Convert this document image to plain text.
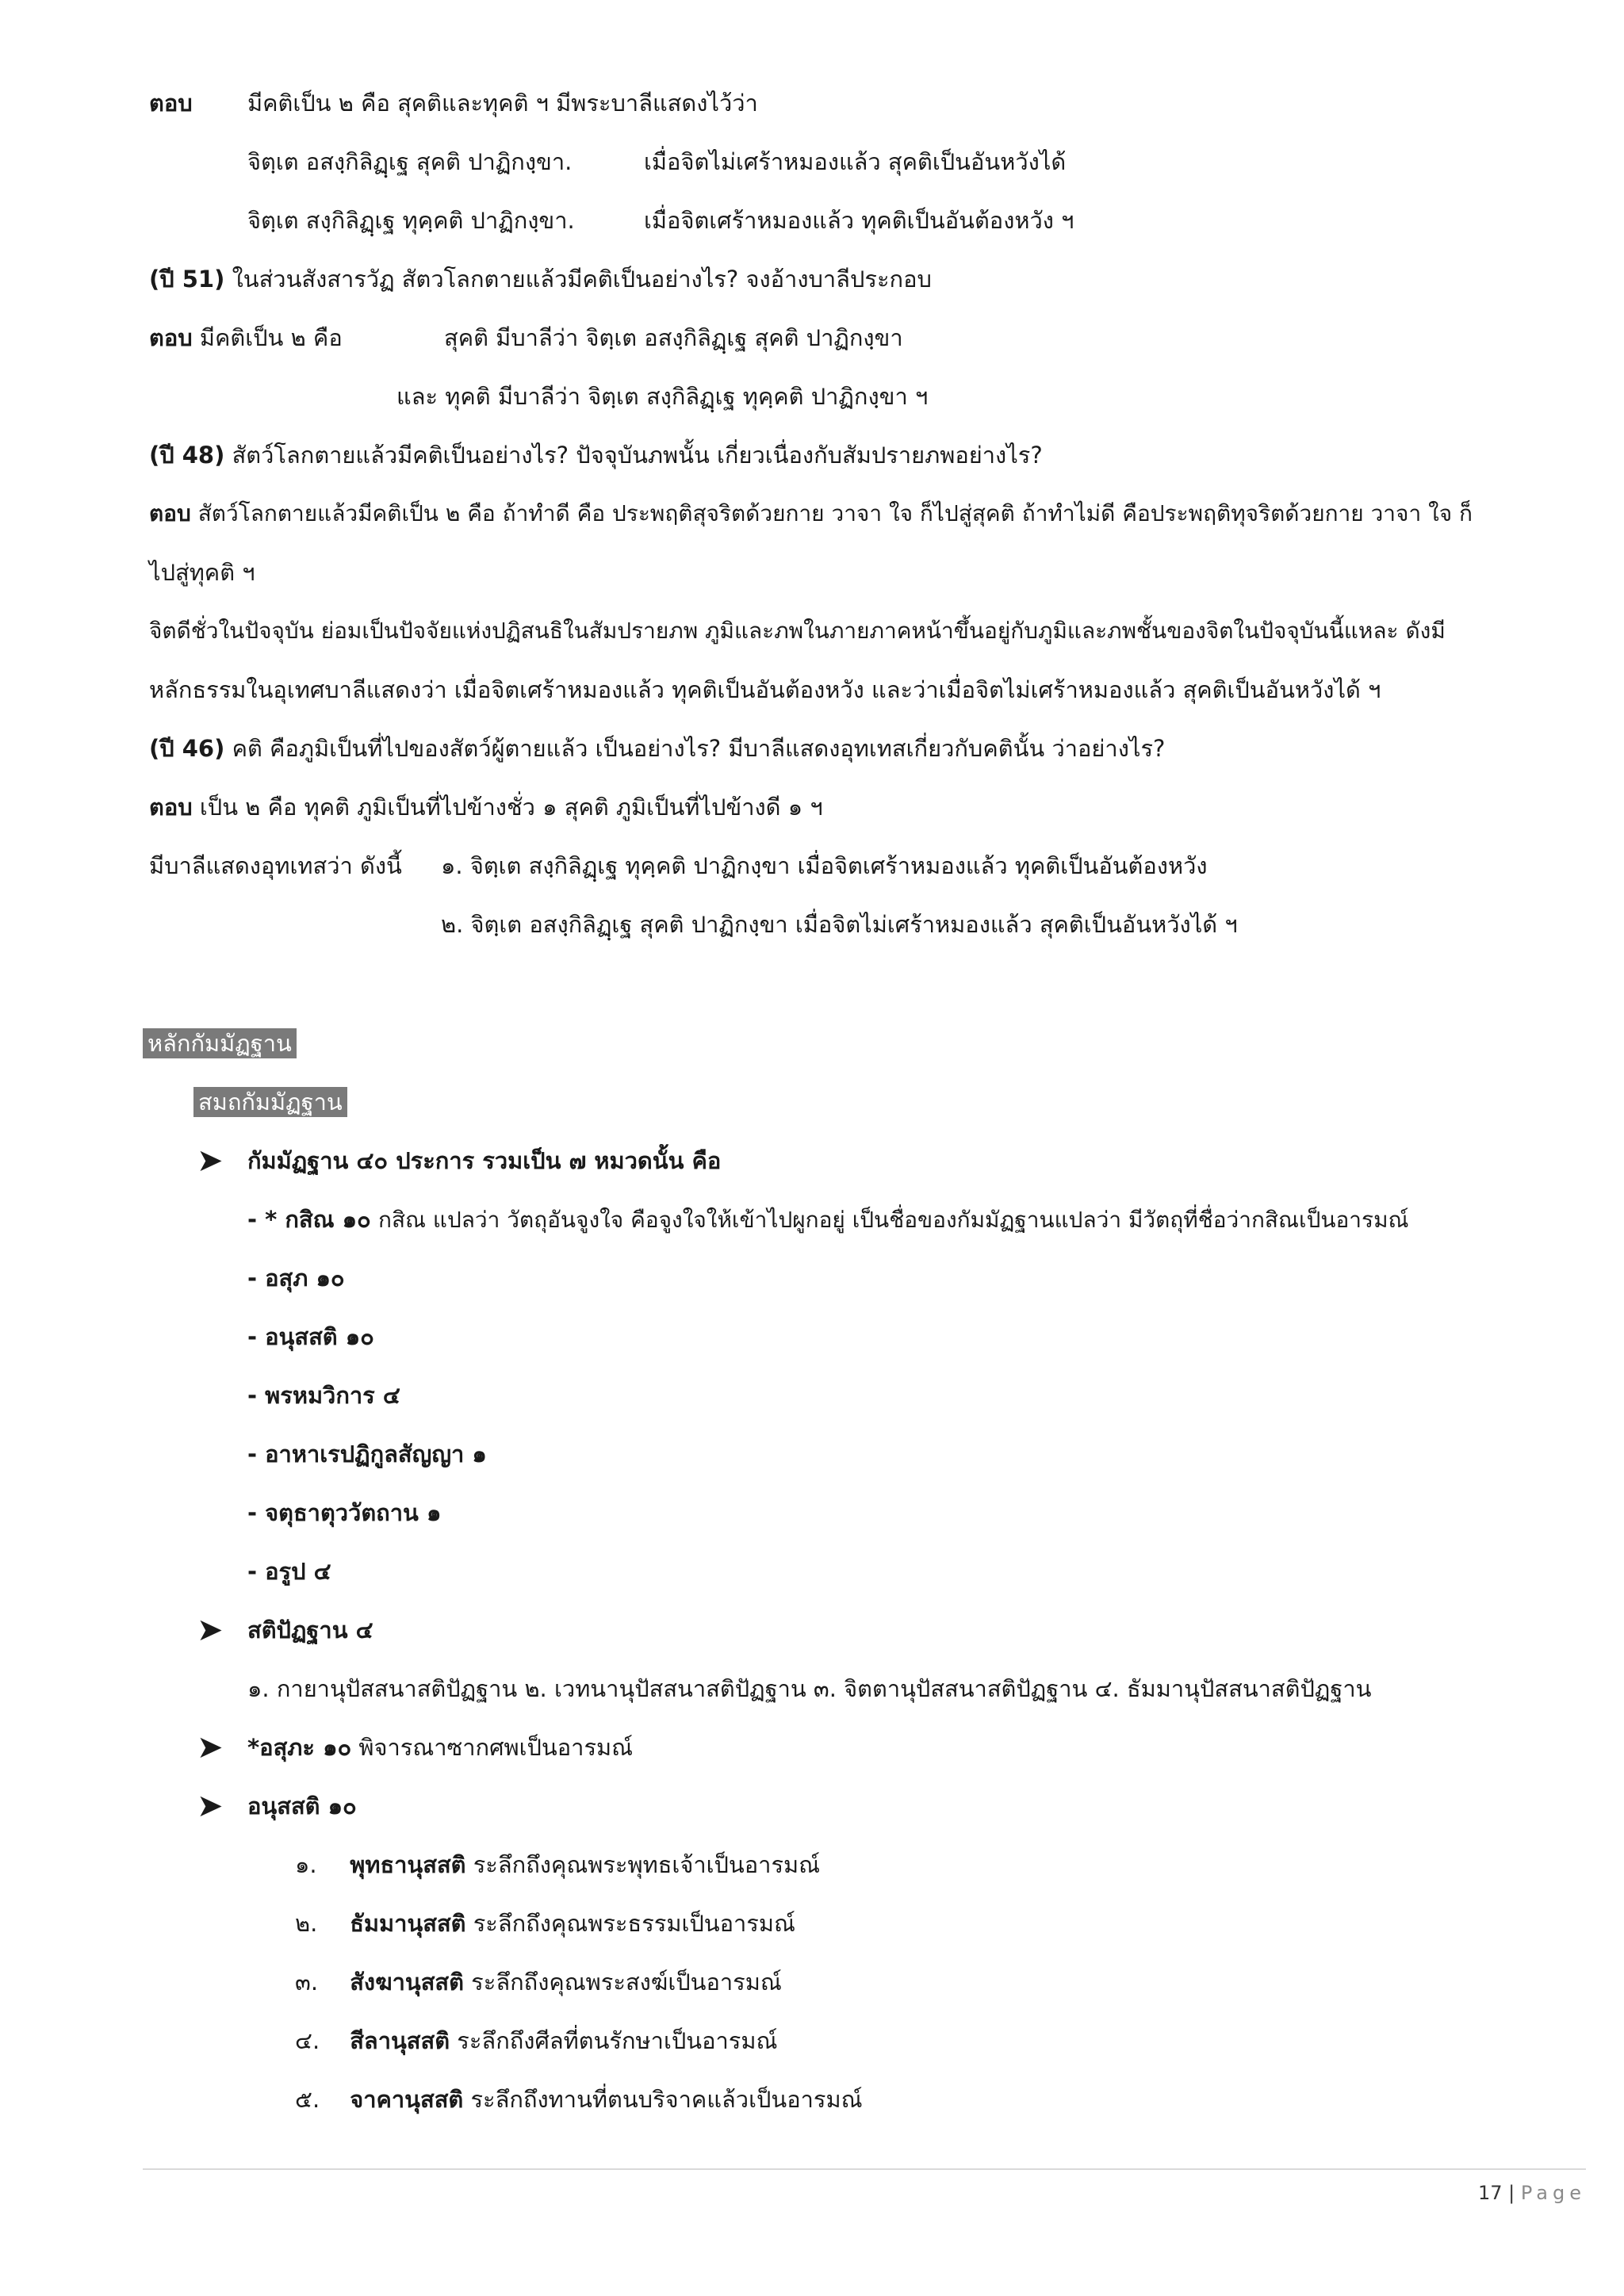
ตอบ มีคติเป็น ๒ คือ สุคติและทุคติ ฯ มีพระบาลีแสดงไว้ว่า
จิตฺเต อสงฺกิลิฏฺเฐ สุคติ ปาฏิกงฺขา.	เมื่อจิตไม่เศร้าหมองแล้ว สุคติเป็นอันหวังได้
จิตฺเต สงฺกิลิฏฺเฐ ทุคฺคติ ปาฏิกงฺขา.	เมื่อจิตเศร้าหมองแล้ว ทุคติเป็นอันต้องหวัง ฯ
(ปี 51) ในส่วนสังสารวัฏ สัตวโลกตายแล้วมีคติเป็นอย่างไร? จงอ้างบาลีประกอบ
ตอบ มีคติเป็น ๒ คือ	สุคติ มีบาลีว่า จิตฺเต อสงฺกิลิฏฺเฐ สุคติ ปาฏิกงฺขา
และ ทุคติ มีบาลีว่า จิตฺเต สงฺกิลิฏฺเฐ ทุคฺคติ ปาฏิกงฺขา ฯ
(ปี 48) สัตว์โลกตายแล้วมีคติเป็นอย่างไร? ปัจจุบันภพนั้น เกี่ยวเนื่องกับสัมปรายภพอย่างไร?
ตอบ สัตว์โลกตายแล้วมีคติเป็น ๒ คือ ถ้าทำดี คือ ประพฤติสุจริตด้วยกาย วาจา ใจ ก็ไปสู่สุคติ ถ้าทำไม่ดี คือประพฤติทุจริตด้วยกาย วาจา ใจ ก็
ไปสู่ทุคติ ฯ
จิตดีชั่วในปัจจุบัน ย่อมเป็นปัจจัยแห่งปฏิสนธิในสัมปรายภพ ภูมิและภพในภายภาคหน้าขึ้นอยู่กับภูมิและภพชั้นของจิตในปัจจุบันนี้แหละ ดังมี
หลักธรรมในอุเทศบาลีแสดงว่า เมื่อจิตเศร้าหมองแล้ว ทุคติเป็นอันต้องหวัง และว่าเมื่อจิตไม่เศร้าหมองแล้ว สุคติเป็นอันหวังได้ ฯ
(ปี 46) คติ คือภูมิเป็นที่ไปของสัตว์ผู้ตายแล้ว เป็นอย่างไร? มีบาลีแสดงอุทเทสเกี่ยวกับคตินั้น ว่าอย่างไร?
ตอบ เป็น ๒ คือ ทุคติ ภูมิเป็นที่ไปข้างชั่ว ๑ สุคติ ภูมิเป็นที่ไปข้างดี ๑ ฯ
มีบาลีแสดงอุทเทสว่า ดังนี้ ๑. จิตฺเต สงฺกิลิฏฺเฐ ทุคฺคติ ปาฏิกงฺขา เมื่อจิตเศร้าหมองแล้ว ทุคติเป็นอันต้องหวัง
๒. จิตฺเต อสงฺกิลิฏฺเฐ สุคติ ปาฏิกงฺขา เมื่อจิตไม่เศร้าหมองแล้ว สุคติเป็นอันหวังได้ ฯ
หลักกัมมัฏฐาน
สมถกัมมัฏฐาน
➤ กัมมัฏฐาน ๔๐ ประการ รวมเป็น ๗ หมวดนั้น คือ
- * กสิณ ๑๐ กสิณ แปลว่า วัตถุอันจูงใจ คือจูงใจให้เข้าไปผูกอยู่ เป็นชื่อของกัมมัฏฐานแปลว่า มีวัตถุที่ชื่อว่ากสิณเป็นอารมณ์
- อสุภ ๑๐
- อนุสสติ ๑๐
- พรหมวิการ ๔
- อาหาเรปฏิกูลสัญญา ๑
- จตุธาตุววัตถาน ๑
- อรูป ๔
➤ สติปัฏฐาน ๔
๑. กายานุปัสสนาสติปัฏฐาน ๒. เวทนานุปัสสนาสติปัฏฐาน ๓. จิตตานุปัสสนาสติปัฏฐาน ๔. ธัมมานุปัสสนาสติปัฏฐาน
➤ *อสุภะ ๑๐ พิจารณาซากศพเป็นอารมณ์
➤ อนุสสติ ๑๐
๑. พุทธานุสสติ ระลึกถึงคุณพระพุทธเจ้าเป็นอารมณ์
๒. ธัมมานุสสติ ระลึกถึงคุณพระธรรมเป็นอารมณ์
๓. สังฆานุสสติ ระลึกถึงคุณพระสงฆ์เป็นอารมณ์
๔. สีลานุสสติ ระลึกถึงศีลที่ตนรักษาเป็นอารมณ์
๕. จาคานุสสติ ระลึกถึงทานที่ตนบริจาคแล้วเป็นอารมณ์
17 | Page
